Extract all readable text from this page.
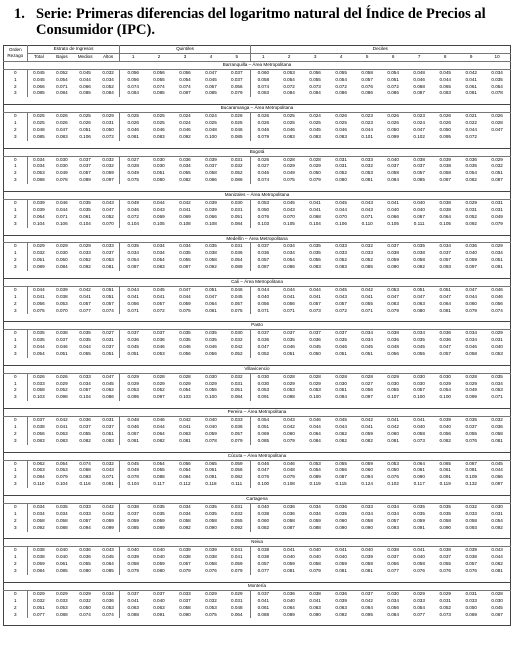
1. Serie: Primeras diferencias del logaritmo natural del Índice de Precios al
Consumidor (IPC).
Orden
Rezago	Estrato de Ingresos				Quintiles					Deciles									
	Total	Bajos	Medios	Altos	1	2	3	4	5	1	2	3	4	5	6	7	8	9	10
Barranquilla – Área Metropolitana																			
0	0.045	0.052	0.045	0.032	0.056	0.056	0.056	0.047	0.037	0.060	0.053	0.056	0.055	0.058	0.054	0.048	0.045	0.042	0.034
1	0.045	0.054	0.044	0.034	0.056	0.055	0.054	0.045	0.037	0.058	0.054	0.055	0.054	0.057	0.051	0.046	0.044	0.041	0.035
2	0.066	0.071	0.066	0.052	0.074	0.074	0.074	0.067	0.056	0.074	0.072	0.073	0.072	0.076	0.072	0.068	0.065	0.061	0.054
3	0.085	0.084	0.085	0.084	0.084	0.085	0.087	0.085	0.079	0.083	0.084	0.084	0.086	0.086	0.086	0.087	0.083	0.081	0.078

Bucaramanga – Área Metropolitana																			
0	0.025	0.026	0.025	0.029	0.025	0.025	0.024	0.024	0.026	0.026	0.025	0.024	0.026	0.023	0.026	0.023	0.026	0.021	0.026
1	0.025	0.026	0.026	0.031	0.026	0.025	0.024	0.025	0.025	0.026	0.025	0.025	0.025	0.023	0.026	0.024	0.026	0.022	0.028
2	0.048	0.047	0.051	0.050	0.046	0.046	0.046	0.048	0.046	0.046	0.046	0.045	0.046	0.044	0.050	0.047	0.050	0.044	0.047
3	0.085	0.083	0.106	0.072	0.081	0.083	0.092	0.100	0.085	0.079	0.083	0.083	0.083	0.101	0.099	0.102	0.095	0.072	

Bogotá																			
0	0.034	0.030	0.037	0.032	0.027	0.030	0.036	0.039	0.031	0.026	0.028	0.028	0.031	0.033	0.040	0.038	0.039	0.036	0.029
1	0.034	0.030	0.037	0.032	0.028	0.030	0.034	0.037	0.032	0.027	0.029	0.029	0.031	0.032	0.037	0.037	0.038	0.035	0.032
2	0.053	0.049	0.057	0.059	0.049	0.051	0.055	0.058	0.052	0.046	0.049	0.050	0.052	0.053	0.058	0.057	0.058	0.054	0.051
3	0.088	0.078	0.089	0.097	0.075	0.080	0.082	0.086	0.086	0.074	0.075	0.079	0.080	0.081	0.084	0.085	0.087	0.082	0.087

Manizales – Área Metropolitana																			
0	0.039	0.046	0.035	0.043	0.049	0.044	0.042	0.039	0.030	0.053	0.045	0.041	0.045	0.043	0.041	0.040	0.038	0.029	0.031
1	0.039	0.044	0.035	0.047	0.046	0.043	0.041	0.039	0.031	0.050	0.043	0.041	0.044	0.043	0.040	0.040	0.038	0.031	0.031
2	0.064	0.071	0.061	0.052	0.072	0.069	0.069	0.066	0.051	0.076	0.070	0.068	0.070	0.071	0.066	0.067	0.064	0.052	0.049
3	0.104	0.106	0.104	0.070	0.104	0.105	0.108	0.108	0.084	0.103	0.105	0.104	0.106	0.110	0.105	0.111	0.105	0.092	0.079

Medellín – Área Metropolitana																			
0	0.029	0.029	0.029	0.033	0.035	0.034	0.034	0.035	0.031	0.037	0.034	0.035	0.033	0.032	0.037	0.035	0.034	0.036	0.029
1	0.032	0.030	0.033	0.037	0.034	0.034	0.035	0.038	0.036	0.036	0.034	0.035	0.033	0.033	0.038	0.038	0.037	0.040	0.034
2	0.051	0.050	0.052	0.053	0.054	0.054	0.055	0.058	0.054	0.057	0.054	0.055	0.052	0.052	0.059	0.058	0.057	0.059	0.051
3	0.089	0.084	0.092	0.081	0.087	0.083	0.087	0.092	0.089	0.087	0.086	0.083	0.083	0.085	0.090	0.092	0.093	0.097	0.091

Cali – Área Metropolitana																			
0	0.044	0.039	0.042	0.051	0.044	0.045	0.047	0.051	0.046	0.044	0.044	0.044	0.045	0.042	0.053	0.051	0.051	0.047	0.046
1	0.041	0.038	0.041	0.051	0.041	0.041	0.044	0.047	0.045	0.040	0.041	0.041	0.043	0.041	0.047	0.047	0.047	0.044	0.046
2	0.056	0.053	0.057	0.057	0.056	0.057	0.059	0.064	0.057	0.056	0.056	0.057	0.057	0.055	0.063	0.063	0.064	0.060	0.056
3	0.075	0.070	0.077	0.074	0.071	0.072	0.075	0.081	0.075	0.071	0.071	0.073	0.072	0.071	0.079	0.080	0.081	0.079	0.074

Pasto																			
0	0.035	0.038	0.035	0.027	0.037	0.037	0.035	0.035	0.030	0.037	0.037	0.037	0.037	0.034	0.038	0.034	0.036	0.034	0.029
1	0.035	0.037	0.035	0.031	0.036	0.036	0.035	0.035	0.032	0.036	0.035	0.036	0.035	0.034	0.036	0.035	0.036	0.034	0.031
2	0.044	0.046	0.044	0.037	0.045	0.046	0.046	0.046	0.042	0.047	0.046	0.045	0.046	0.045	0.048	0.045	0.047	0.046	0.040
3	0.054	0.051	0.055	0.051	0.051	0.053	0.056	0.056	0.052	0.052	0.051	0.050	0.051	0.051	0.056	0.055	0.057	0.058	0.053

Villavicencio																			
0	0.026	0.026	0.033	0.047	0.029	0.028	0.028	0.030	0.032	0.030	0.028	0.028	0.028	0.028	0.029	0.030	0.030	0.028	0.035
1	0.033	0.029	0.034	0.045	0.029	0.029	0.029	0.029	0.031	0.030	0.029	0.029	0.030	0.027	0.030	0.030	0.029	0.029	0.034
2	0.058	0.052	0.057	0.062	0.053	0.052	0.054	0.055	0.051	0.053	0.053	0.053	0.051	0.056	0.055	0.057	0.054	0.049	0.053
3	0.103	0.098	0.104	0.086	0.095	0.097	0.103	0.100	0.084	0.091	0.098	0.100	0.094	0.097	0.107	0.100	0.100	0.099	0.071

Pereira – Área Metropolitana																			
0	0.037	0.042	0.036	0.031	0.048	0.046	0.042	0.040	0.033	0.054	0.043	0.046	0.045	0.042	0.041	0.041	0.039	0.035	0.032
1	0.038	0.041	0.037	0.037	0.046	0.044	0.041	0.040	0.036	0.051	0.042	0.044	0.044	0.041	0.042	0.040	0.040	0.037	0.036
2	0.056	0.063	0.055	0.051	0.067	0.064	0.063	0.059	0.057	0.069	0.060	0.064	0.062	0.059	0.060	0.058	0.056	0.055	0.058
3	0.083	0.083	0.082	0.083	0.081	0.082	0.081	0.078	0.079	0.085	0.079	0.084	0.082	0.082	0.081	0.073	0.082	0.076	0.081

Cúcuta – Área Metropolitana																			
0	0.062	0.054	0.074	0.032	0.045	0.054	0.056	0.065	0.059	0.046	0.046	0.053	0.055	0.059	0.053	0.064	0.065	0.087	0.045
1	0.063	0.053	0.068	0.043	0.049	0.055	0.054	0.061	0.056	0.047	0.048	0.054	0.056	0.060	0.050	0.061	0.061	0.081	0.044
2	0.084	0.079	0.093	0.071	0.078	0.088	0.084	0.091	0.082	0.076	0.079	0.089	0.087	0.094	0.076	0.090	0.091	0.109	0.066
3	0.110	0.104	0.116	0.081	0.104	0.117	0.112	0.118	0.111	0.100	0.108	0.119	0.115	0.124	0.102	0.117	0.119	0.132	0.097

Cartagena																			
0	0.034	0.035	0.033	0.042	0.038	0.035	0.034	0.035	0.031	0.040	0.036	0.034	0.036	0.033	0.034	0.035	0.035	0.032	0.030
1	0.034	0.034	0.033	0.042	0.037	0.035	0.034	0.035	0.032	0.038	0.036	0.034	0.035	0.034	0.034	0.035	0.035	0.033	0.031
2	0.058	0.058	0.057	0.059	0.059	0.059	0.058	0.058	0.055	0.060	0.058	0.059	0.060	0.058	0.057	0.059	0.058	0.058	0.054
3	0.092	0.088	0.094	0.099	0.085	0.089	0.092	0.090	0.092	0.082	0.087	0.088	0.090	0.090	0.093	0.091	0.090	0.093	0.092

Neiva																			
0	0.038	0.040	0.036	0.043	0.040	0.040	0.039	0.039	0.041	0.038	0.041	0.040	0.041	0.040	0.038	0.041	0.038	0.039	0.043
1	0.038	0.040	0.036	0.045	0.039	0.040	0.038	0.038	0.041	0.038	0.040	0.040	0.040	0.039	0.037	0.040	0.037	0.038	0.044
2	0.059	0.061	0.055	0.064	0.058	0.059	0.057	0.058	0.059	0.057	0.059	0.058	0.059	0.058	0.056	0.058	0.055	0.057	0.062
3	0.084	0.085	0.080	0.085	0.079	0.080	0.079	0.076	0.079	0.077	0.081	0.079	0.081	0.081	0.077	0.076	0.076	0.076	0.081

Montería																			
0	0.029	0.029	0.029	0.034	0.037	0.037	0.033	0.029	0.029	0.037	0.036	0.038	0.036	0.037	0.030	0.029	0.029	0.031	0.028
1	0.032	0.033	0.032	0.036	0.041	0.040	0.037	0.032	0.031	0.041	0.040	0.041	0.039	0.042	0.034	0.033	0.031	0.033	0.030
2	0.051	0.053	0.050	0.053	0.063	0.063	0.058	0.053	0.048	0.061	0.064	0.063	0.063	0.064	0.056	0.054	0.052	0.050	0.045
3	0.077	0.088	0.074	0.074	0.088	0.091	0.090	0.075	0.064	0.088	0.089	0.090	0.092	0.095	0.084	0.077	0.073	0.069	0.067
